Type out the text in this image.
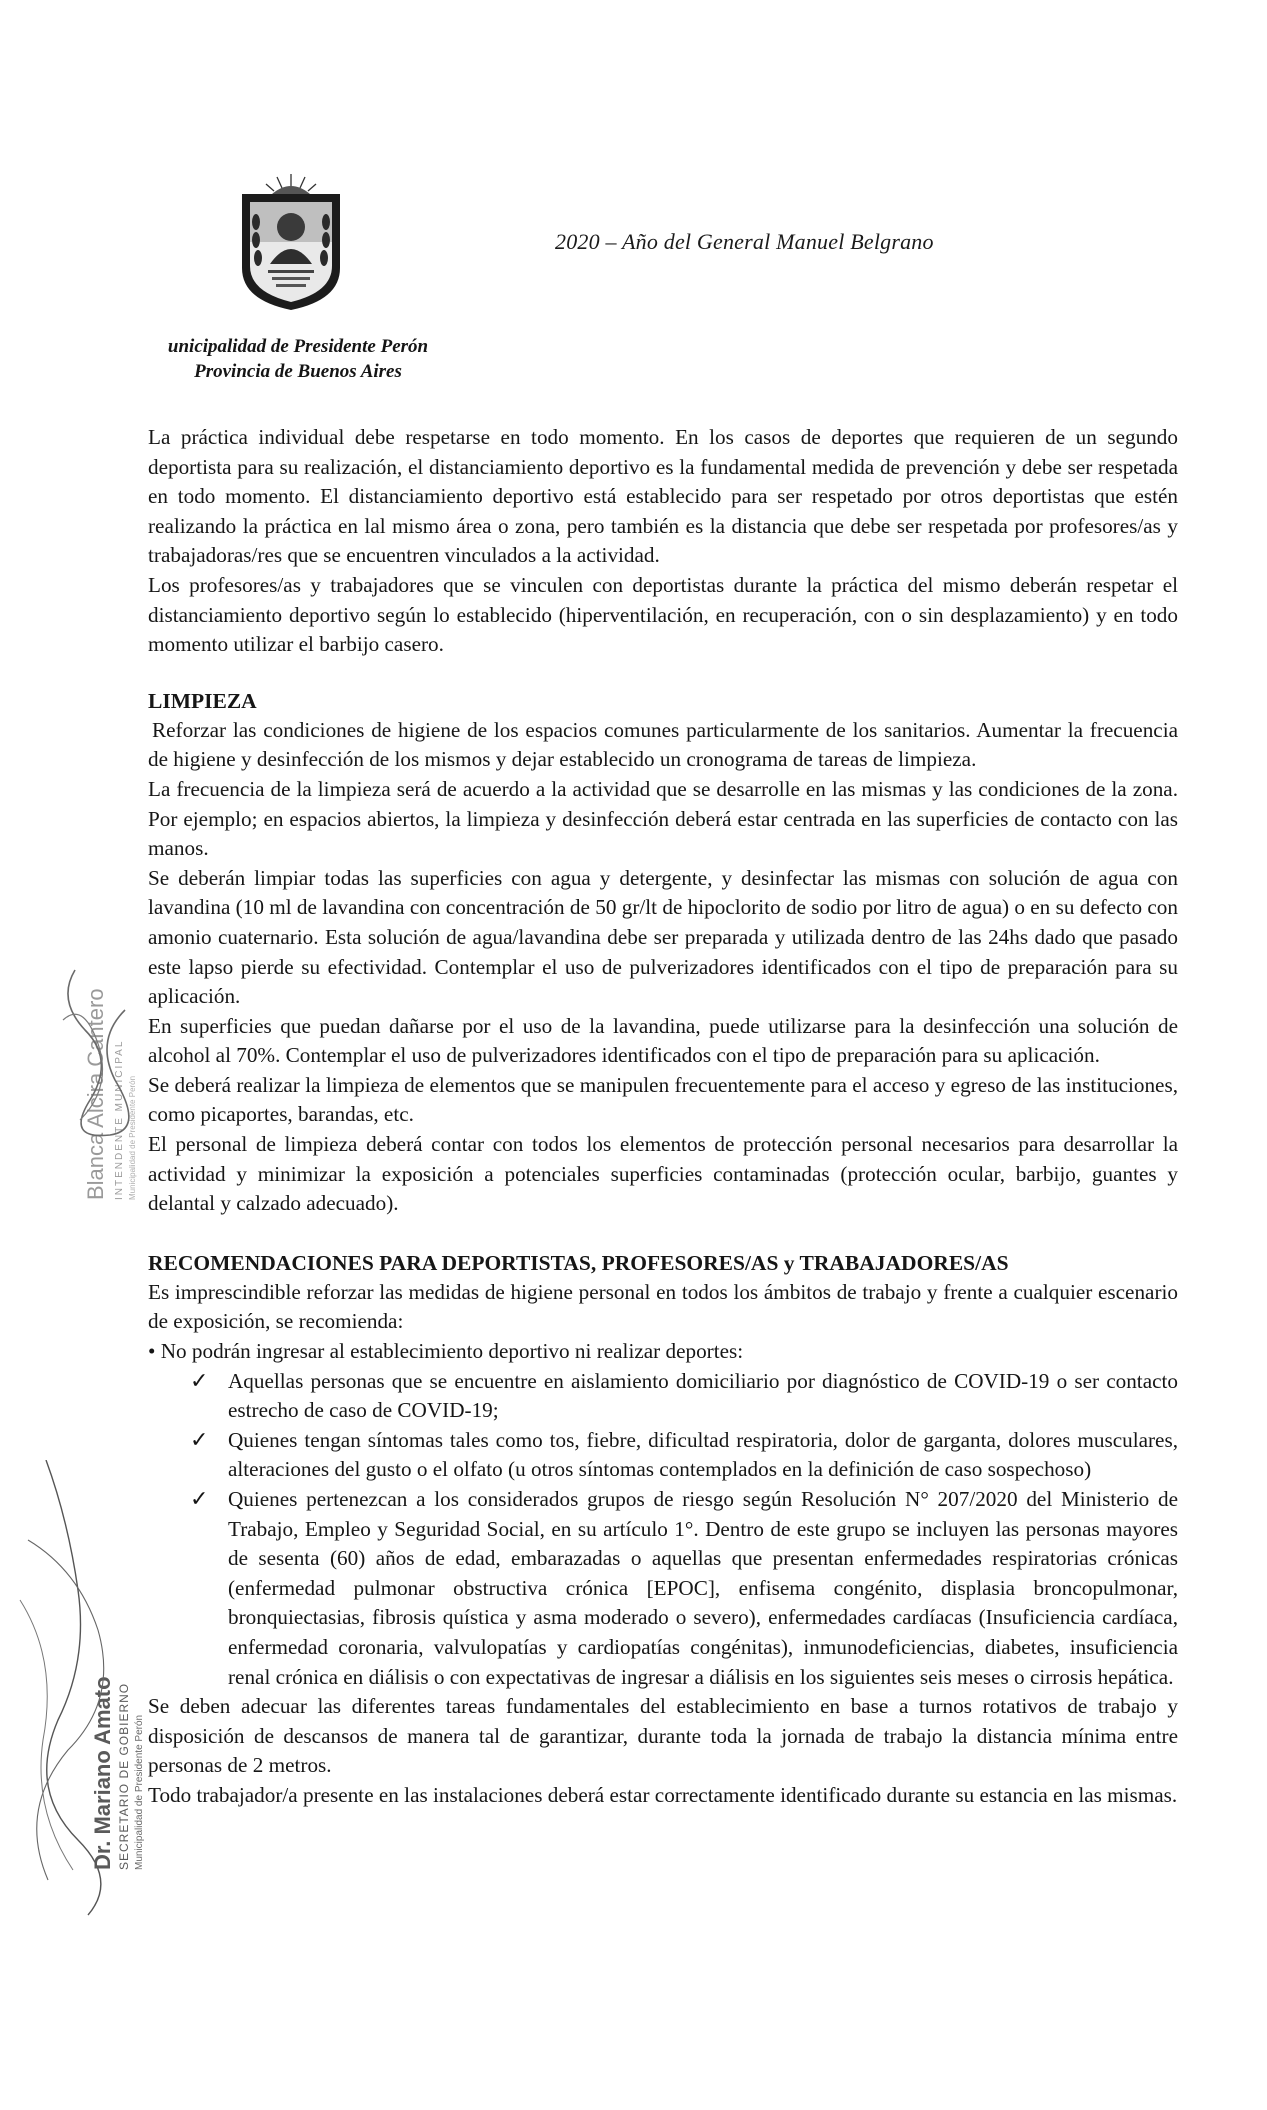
2020 – Año del General Manuel Belgrano
unicipalidad de Presidente Perón
Provincia de Buenos Aires

La práctica individual debe respetarse en todo momento. En los casos de deportes que requieren de un segundo deportista para su realización, el distanciamiento deportivo es la fundamental medida de prevención y debe ser respetada en todo momento. El distanciamiento deportivo está establecido para ser respetado por otros deportistas que estén realizando la práctica en lal mismo área o zona, pero también es la distancia que debe ser respetada por profesores/as y trabajadoras/res que se encuentren vinculados a la actividad.

Los profesores/as y trabajadores que se vinculen con deportistas durante la práctica del mismo deberán respetar el distanciamiento deportivo según lo establecido (hiperventilación, en recuperación, con o sin desplazamiento) y en todo momento utilizar el barbijo casero.

LIMPIEZA

Reforzar las condiciones de higiene de los espacios comunes particularmente de los sanitarios. Aumentar la frecuencia de higiene y desinfección de los mismos y dejar establecido un cronograma de tareas de limpieza.

La frecuencia de la limpieza será de acuerdo a la actividad que se desarrolle en las mismas y las condiciones de la zona. Por ejemplo; en espacios abiertos, la limpieza y desinfección deberá estar centrada en las superficies de contacto con las manos.

Se deberán limpiar todas las superficies con agua y detergente, y desinfectar las mismas con solución de agua con lavandina (10 ml de lavandina con concentración de 50 gr/lt de hipoclorito de sodio por litro de agua) o en su defecto con amonio cuaternario. Esta solución de agua/lavandina debe ser preparada y utilizada dentro de las 24hs dado que pasado este lapso pierde su efectividad. Contemplar el uso de pulverizadores identificados con el tipo de preparación para su aplicación.

En superficies que puedan dañarse por el uso de la lavandina, puede utilizarse para la desinfección una solución de alcohol al 70%. Contemplar el uso de pulverizadores identificados con el tipo de preparación para su aplicación.

Se deberá realizar la limpieza de elementos que se manipulen frecuentemente para el acceso y egreso de las instituciones, como picaportes, barandas, etc.

El personal de limpieza deberá contar con todos los elementos de protección personal necesarios para desarrollar la actividad y minimizar la exposición a potenciales superficies contaminadas (protección ocular, barbijo, guantes y delantal y calzado adecuado).

RECOMENDACIONES PARA DEPORTISTAS, PROFESORES/AS y TRABAJADORES/AS

Es imprescindible reforzar las medidas de higiene personal en todos los ámbitos de trabajo y frente a cualquier escenario de exposición, se recomienda:

• No podrán ingresar al establecimiento deportivo ni realizar deportes:

✓ Aquellas personas que se encuentre en aislamiento domiciliario por diagnóstico de COVID-19 o ser contacto estrecho de caso de COVID-19;
✓ Quienes tengan síntomas tales como tos, fiebre, dificultad respiratoria, dolor de garganta, dolores musculares, alteraciones del gusto o el olfato (u otros síntomas contemplados en la definición de caso sospechoso)
✓ Quienes pertenezcan a los considerados grupos de riesgo según Resolución N° 207/2020 del Ministerio de Trabajo, Empleo y Seguridad Social, en su artículo 1°. Dentro de este grupo se incluyen las personas mayores de sesenta (60) años de edad, embarazadas o aquellas que presentan enfermedades respiratorias crónicas (enfermedad pulmonar obstructiva crónica [EPOC], enfisema congénito, displasia broncopulmonar, bronquiectasias, fibrosis quística y asma moderado o severo), enfermedades cardíacas (Insuficiencia cardíaca, enfermedad coronaria, valvulopatías y cardiopatías congénitas), inmunodeficiencias, diabetes, insuficiencia renal crónica en diálisis o con expectativas de ingresar a diálisis en los siguientes seis meses o cirrosis hepática.

Se deben adecuar las diferentes tareas fundamentales del establecimiento en base a turnos rotativos de trabajo y disposición de descansos de manera tal de garantizar, durante toda la jornada de trabajo la distancia mínima entre personas de 2 metros.

Todo trabajador/a presente en las instalaciones deberá estar correctamente identificado durante su estancia en las mismas.

Blanca Alcira Cantero INTENDENTE MUNICIPAL Municipalidad de Presidente Perón
Dr. Mariano Amato SECRETARIO DE GOBIERNO Municipalidad de Presidente Perón
